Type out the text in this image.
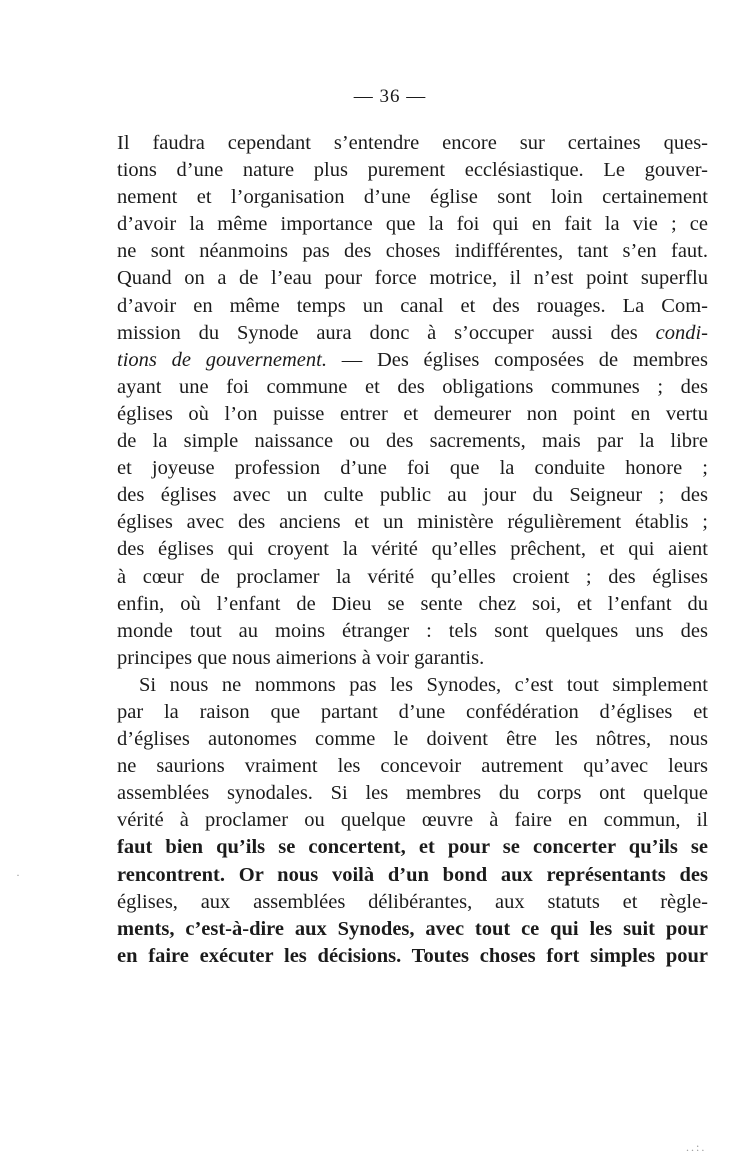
— 36 —
Il faudra cependant s’entendre encore sur certaines ques-
tions d’une nature plus purement ecclésiastique. Le gouver-
nement et l’organisation d’une église sont loin certainement
d’avoir la même importance que la foi qui en fait la vie ; ce
ne sont néanmoins pas des choses indifférentes, tant s’en faut.
Quand on a de l’eau pour force motrice, il n’est point superflu
d’avoir en même temps un canal et des rouages. La Com-
mission du Synode aura donc à s’occuper aussi des condi-
tions de gouvernement. — Des églises composées de membres
ayant une foi commune et des obligations communes ; des
églises où l’on puisse entrer et demeurer non point en vertu
de la simple naissance ou des sacrements, mais par la libre
et joyeuse profession d’une foi que la conduite honore ;
des églises avec un culte public au jour du Seigneur ; des
églises avec des anciens et un ministère régulièrement établis ;
des églises qui croyent la vérité qu’elles prêchent, et qui aient
à cœur de proclamer la vérité qu’elles croient ; des églises
enfin, où l’enfant de Dieu se sente chez soi, et l’enfant du
monde tout au moins étranger : tels sont quelques uns des
principes que nous aimerions à voir garantis.
Si nous ne nommons pas les Synodes, c’est tout simplement
par la raison que partant d’une confédération d’églises et
d’églises autonomes comme le doivent être les nôtres, nous
ne saurions vraiment les concevoir autrement qu’avec leurs
assemblées synodales. Si les membres du corps ont quelque
vérité à proclamer ou quelque œuvre à faire en commun, il
faut bien qu’ils se concertent, et pour se concerter qu’ils se
rencontrent. Or nous voilà d’un bond aux représentants des
églises, aux assemblées délibérantes, aux statuts et règle-
ments, c’est-à-dire aux Synodes, avec tout ce qui les suit pour
en faire exécuter les décisions. Toutes choses fort simples pour
·
..:.
